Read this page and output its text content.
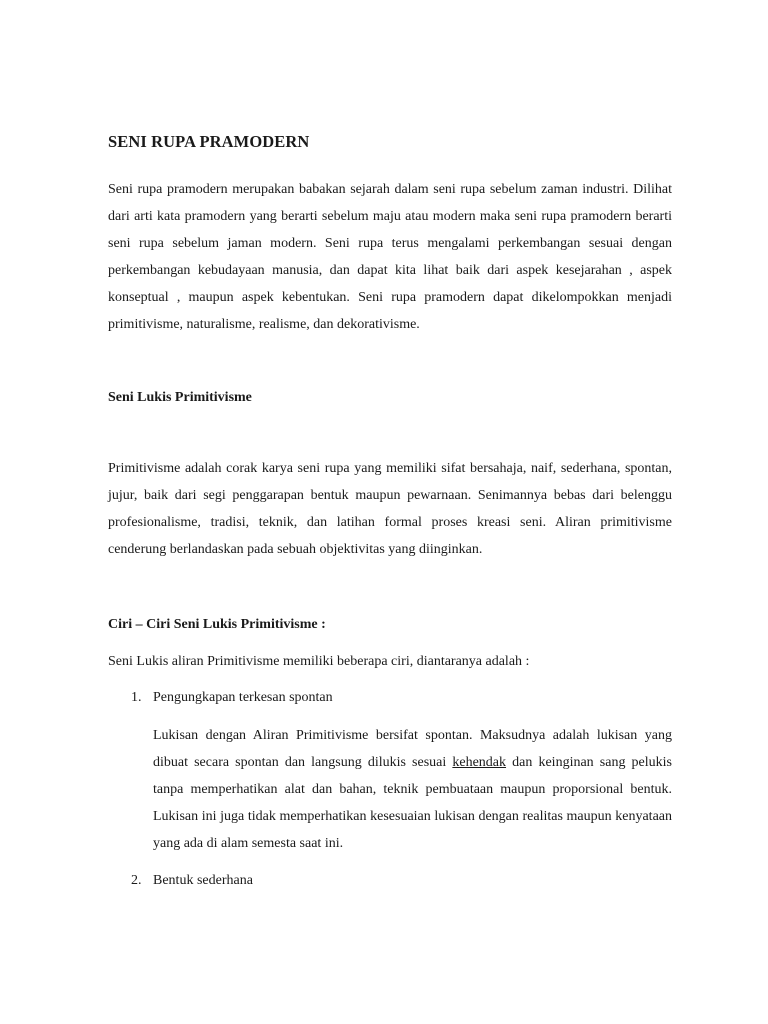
SENI RUPA PRAMODERN

Seni rupa pramodern merupakan babakan sejarah dalam seni rupa sebelum zaman industri. Dilihat dari arti kata pramodern yang berarti sebelum maju atau modern maka seni rupa pramodern berarti seni rupa sebelum jaman modern. Seni rupa terus mengalami perkembangan sesuai dengan perkembangan kebudayaan manusia, dan dapat kita lihat baik dari aspek kesejarahan , aspek konseptual , maupun aspek kebentukan. Seni rupa pramodern dapat dikelompokkan menjadi primitivisme, naturalisme, realisme, dan dekorativisme.

Seni Lukis Primitivisme

Primitivisme adalah corak karya seni rupa yang memiliki sifat bersahaja, naif, sederhana, spontan, jujur, baik dari segi penggarapan bentuk maupun pewarnaan. Senimannya bebas dari belenggu profesionalisme, tradisi, teknik, dan latihan formal proses kreasi seni. Aliran primitivisme cenderung berlandaskan pada sebuah objektivitas yang diinginkan.

Ciri – Ciri Seni Lukis Primitivisme :

Seni Lukis aliran Primitivisme memiliki beberapa ciri, diantaranya adalah :

1. Pengungkapan terkesan spontan

Lukisan dengan Aliran Primitivisme bersifat spontan. Maksudnya adalah lukisan yang dibuat secara spontan dan langsung dilukis sesuai kehendak dan keinginan sang pelukis tanpa memperhatikan alat dan bahan, teknik pembuataan maupun proporsional bentuk. Lukisan ini juga tidak memperhatikan kesesuaian lukisan dengan realitas maupun kenyataan yang ada di alam semesta saat ini.

2. Bentuk sederhana
